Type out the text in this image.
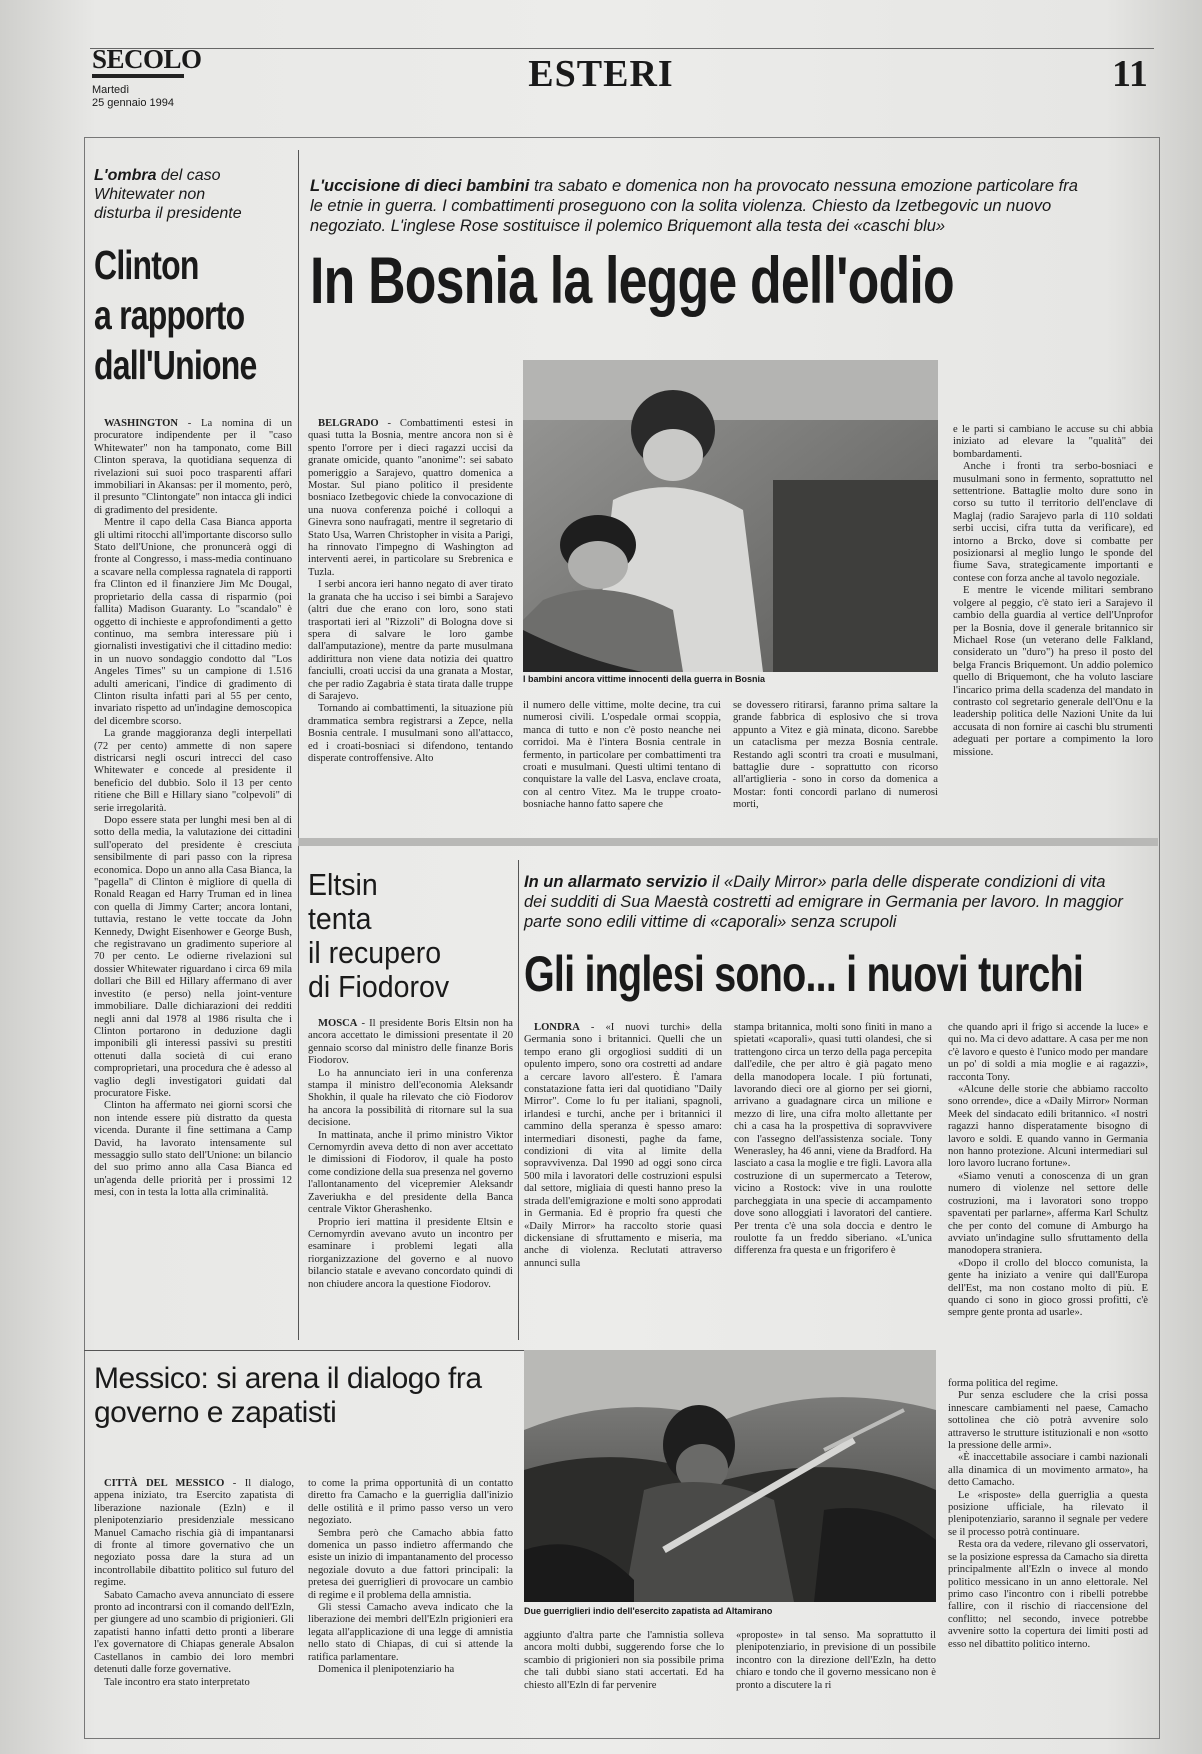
SECOLO
Martedì
25 gennaio 1994
ESTERI	11
L'ombra del caso Whitewater non disturba il presidente
Clinton
a rapporto
dall'Unione

WASHINGTON - La nomina di un procuratore indipendente per il "caso Whitewater" non ha tamponato, come Bill Clinton sperava, la quotidiana sequenza di rivelazioni sui suoi poco trasparenti affari immobiliari in Akansas: per il momento, però, il presunto "Clintongate" non intacca gli indici di gradimento del presidente.

Mentre il capo della Casa Bianca apporta gli ultimi ritocchi all'importante discorso sullo Stato dell'Unione, che pronuncerà oggi di fronte al Congresso, i mass-media continuano a scavare nella complessa ragnatela di rapporti fra Clinton ed il finanziere Jim Mc Dougal, proprietario della cassa di risparmio (poi fallita) Madison Guaranty. Lo "scandalo" è oggetto di inchieste e approfondimenti a getto continuo, ma sembra interessare più i giornalisti investigativi che il cittadino medio: in un nuovo sondaggio condotto dal "Los Angeles Times" su un campione di 1.516 adulti americani, l'indice di gradimento di Clinton risulta infatti pari al 55 per cento, invariato rispetto ad un'indagine demoscopica del dicembre scorso.

La grande maggioranza degli interpellati (72 per cento) ammette di non sapere districarsi negli oscuri intrecci del caso Whitewater e concede al presidente il beneficio del dubbio. Solo il 13 per cento ritiene che Bill e Hillary siano "colpevoli" di serie irregolarità.

Dopo essere stata per lunghi mesi ben al di sotto della media, la valutazione dei cittadini sull'operato del presidente è cresciuta sensibilmente di pari passo con la ripresa economica. Dopo un anno alla Casa Bianca, la "pagella" di Clinton è migliore di quella di Ronald Reagan ed Harry Truman ed in linea con quella di Jimmy Carter; ancora lontani, tuttavia, restano le vette toccate da John Kennedy, Dwight Eisenhower e George Bush, che registravano un gradimento superiore al 70 per cento. Le odierne rivelazioni sul dossier Whitewater riguardano i circa 69 mila dollari che Bill ed Hillary affermano di aver investito (e perso) nella joint-venture immobiliare. Dalle dichiarazioni dei redditi negli anni dal 1978 al 1986 risulta che i Clinton portarono in deduzione dagli imponibili gli interessi passivi su prestiti ottenuti dalla società di cui erano comproprietari, una procedura che è adesso al vaglio degli investigatori guidati dal procuratore Fiske.

Clinton ha affermato nei giorni scorsi che non intende essere più distratto da questa vicenda. Durante il fine settimana a Camp David, ha lavorato intensamente sul messaggio sullo stato dell'Unione: un bilancio del suo primo anno alla Casa Bianca ed un'agenda delle priorità per i prossimi 12 mesi, con in testa la lotta alla criminalità.

L'uccisione di dieci bambini tra sabato e domenica non ha provocato nessuna emozione particolare fra le etnie in guerra. I combattimenti proseguono con la solita violenza. Chiesto da Izetbegovic un nuovo negoziato. L'inglese Rose sostituisce il polemico Briquemont alla testa dei «caschi blu»
In Bosnia la legge dell'odio

BELGRADO - Combattimenti estesi in quasi tutta la Bosnia, mentre ancora non si è spento l'orrore per i dieci ragazzi uccisi da granate omicide, quanto "anonime": sei sabato pomeriggio a Sarajevo, quattro domenica a Mostar. Sul piano politico il presidente bosniaco Izetbegovic chiede la convocazione di una nuova conferenza poiché i colloqui a Ginevra sono naufragati, mentre il segretario di Stato Usa, Warren Christopher in visita a Parigi, ha rinnovato l'impegno di Washington ad interventi aerei, in particolare su Srebrenica e Tuzla.

I serbi ancora ieri hanno negato di aver tirato la granata che ha ucciso i sei bimbi a Sarajevo (altri due che erano con loro, sono stati trasportati ieri al "Rizzoli" di Bologna dove si spera di salvare le loro gambe dall'amputazione), mentre da parte musulmana addirittura non viene data notizia dei quattro fanciulli, croati uccisi da una granata a Mostar, che per radio Zagabria è stata tirata dalle truppe di Sarajevo.

Tornando ai combattimenti, la situazione più drammatica sembra registrarsi a Zepce, nella Bosnia centrale. I musulmani sono all'attacco, ed i croati-bosniaci si difendono, tentando disperate controffensive. Alto

I bambini ancora vittime innocenti della guerra in Bosnia

il numero delle vittime, molte decine, tra cui numerosi civili. L'ospedale ormai scoppia, manca di tutto e non c'è posto neanche nei corridoi. Ma è l'intera Bosnia centrale in fermento, in particolare per combattimenti tra croati e musulmani. Questi ultimi tentano di conquistare la valle del Lasva, enclave croata, con al centro Vitez. Ma le truppe croato-bosniache hanno fatto sapere che

se dovessero ritirarsi, faranno prima saltare la grande fabbrica di esplosivo che si trova appunto a Vitez e già minata, dicono. Sarebbe un cataclisma per mezza Bosnia centrale. Restando agli scontri tra croati e musulmani, battaglie dure - soprattutto con ricorso all'artiglieria - sono in corso da domenica a Mostar: fonti concordi parlano di numerosi morti,

e le parti si cambiano le accuse su chi abbia iniziato ad elevare la "qualità" dei bombardamenti.

Anche i fronti tra serbo-bosniaci e musulmani sono in fermento, soprattutto nel settentrione. Battaglie molto dure sono in corso su tutto il territorio dell'enclave di Maglaj (radio Sarajevo parla di 110 soldati serbi uccisi, cifra tutta da verificare), ed intorno a Brcko, dove si combatte per posizionarsi al meglio lungo le sponde del fiume Sava, strategicamente importanti e contese con forza anche al tavolo negoziale.

E mentre le vicende militari sembrano volgere al peggio, c'è stato ieri a Sarajevo il cambio della guardia al vertice dell'Unprofor per la Bosnia, dove il generale britannico sir Michael Rose (un veterano delle Falkland, considerato un "duro") ha preso il posto del belga Francis Briquemont. Un addio polemico quello di Briquemont, che ha voluto lasciare l'incarico prima della scadenza del mandato in contrasto col segretario generale dell'Onu e la leadership politica delle Nazioni Unite da lui accusata di non fornire ai caschi blu strumenti adeguati per portare a compimento la loro missione.

Eltsin
tenta
il recupero
di Fiodorov

MOSCA - Il presidente Boris Eltsin non ha ancora accettato le dimissioni presentate il 20 gennaio scorso dal ministro delle finanze Boris Fiodorov.

Lo ha annunciato ieri in una conferenza stampa il ministro dell'economia Aleksandr Shokhin, il quale ha rilevato che ciò Fiodorov ha ancora la possibilità di ritornare sul la sua decisione.

In mattinata, anche il primo ministro Viktor Cernomyrdin aveva detto di non aver accettato le dimissioni di Fiodorov, il quale ha posto come condizione della sua presenza nel governo l'allontanamento del vicepremier Aleksandr Zaveriukha e del presidente della Banca centrale Viktor Gherashenko.

Proprio ieri mattina il presidente Eltsin e Cernomyrdin avevano avuto un incontro per esaminare i problemi legati alla riorganizzazione del governo e al nuovo bilancio statale e avevano concordato quindi di non chiudere ancora la questione Fiodorov.

In un allarmato servizio il «Daily Mirror» parla delle disperate condizioni di vita dei sudditi di Sua Maestà costretti ad emigrare in Germania per lavoro. In maggior parte sono edili vittime di «caporali» senza scrupoli
Gli inglesi sono... i nuovi turchi

LONDRA - «I nuovi turchi» della Germania sono i britannici. Quelli che un tempo erano gli orgogliosi sudditi di un opulento impero, sono ora costretti ad andare a cercare lavoro all'estero. È l'amara constatazione fatta ieri dal quotidiano "Daily Mirror". Come lo fu per italiani, spagnoli, irlandesi e turchi, anche per i britannici il cammino della speranza è spesso amaro: intermediari disonesti, paghe da fame, condizioni di vita al limite della sopravvivenza. Dal 1990 ad oggi sono circa 500 mila i lavoratori delle costruzioni espulsi dal settore, migliaia di questi hanno preso la strada dell'emigrazione e molti sono approdati in Germania. Ed è proprio fra questi che «Daily Mirror» ha raccolto storie quasi dickensiane di sfruttamento e miseria, ma anche di violenza. Reclutati attraverso annunci sulla

stampa britannica, molti sono finiti in mano a spietati «caporali», quasi tutti olandesi, che si trattengono circa un terzo della paga percepita dall'edile, che per altro è già pagato meno della manodopera locale. I più fortunati, lavorando dieci ore al giorno per sei giorni, arrivano a guadagnare circa un milione e mezzo di lire, una cifra molto allettante per chi a casa ha la prospettiva di sopravvivere con l'assegno dell'assistenza sociale. Tony Wenerasley, ha 46 anni, viene da Bradford. Ha lasciato a casa la moglie e tre figli. Lavora alla costruzione di un supermercato a Teterow, vicino a Rostock: vive in una roulotte parcheggiata in una specie di accampamento dove sono alloggiati i lavoratori del cantiere. Per trenta c'è una sola doccia e dentro le roulotte fa un freddo siberiano. «L'unica differenza fra questa e un frigorifero è

che quando apri il frigo si accende la luce» e qui no. Ma ci devo adattare. A casa per me non c'è lavoro e questo è l'unico modo per mandare un po' di soldi a mia moglie e ai ragazzi», racconta Tony.

«Alcune delle storie che abbiamo raccolto sono orrende», dice a «Daily Mirror» Norman Meek del sindacato edili britannico. «I nostri ragazzi hanno disperatamente bisogno di lavoro e soldi. E quando vanno in Germania non hanno protezione. Alcuni intermediari sul loro lavoro lucrano fortune».

«Siamo venuti a conoscenza di un gran numero di violenze nel settore delle costruzioni, ma i lavoratori sono troppo spaventati per parlarne», afferma Karl Schultz che per conto del comune di Amburgo ha avviato un'indagine sullo sfruttamento della manodopera straniera.

«Dopo il crollo del blocco comunista, la gente ha iniziato a venire qui dall'Europa dell'Est, ma non costano molto di più. E quando ci sono in gioco grossi profitti, c'è sempre gente pronta ad usarle».

Messico: si arena il dialogo fra governo e zapatisti

CITTÀ DEL MESSICO - Il dialogo, appena iniziato, tra Esercito zapatista di liberazione nazionale (Ezln) e il plenipotenziario presidenziale messicano Manuel Camacho rischia già di impantanarsi di fronte al timore governativo che un negoziato possa dare la stura ad un incontrollabile dibattito politico sul futuro del regime.

Sabato Camacho aveva annunciato di essere pronto ad incontrarsi con il comando dell'Ezln, per giungere ad uno scambio di prigionieri. Gli zapatisti hanno infatti detto pronti a liberare l'ex governatore di Chiapas generale Absalon Castellanos in cambio dei loro membri detenuti dalle forze governative.

Tale incontro era stato interpretato

to come la prima opportunità di un contatto diretto fra Camacho e la guerriglia dall'inizio delle ostilità e il primo passo verso un vero negoziato.

Sembra però che Camacho abbia fatto domenica un passo indietro affermando che esiste un inizio di impantanamento del processo negoziale dovuto a due fattori principali: la pretesa dei guerriglieri di provocare un cambio di regime e il problema della amnistia.

Gli stessi Camacho aveva indicato che la liberazione dei membri dell'Ezln prigionieri era legata all'applicazione di una legge di amnistia nello stato di Chiapas, di cui si attende la ratifica parlamentare.

Domenica il plenipotenziario ha

Due guerriglieri indio dell'esercito zapatista ad Altamirano

aggiunto d'altra parte che l'amnistia solleva ancora molti dubbi, suggerendo forse che lo scambio di prigionieri non sia possibile prima che tali dubbi siano stati accertati. Ed ha chiesto all'Ezln di far pervenire

«proposte» in tal senso. Ma soprattutto il plenipotenziario, in previsione di un possibile incontro con la direzione dell'Ezln, ha detto chiaro e tondo che il governo messicano non è pronto a discutere la ri

forma politica del regime.

Pur senza escludere che la crisi possa innescare cambiamenti nel paese, Camacho sottolinea che ciò potrà avvenire solo attraverso le strutture istituzionali e non «sotto la pressione delle armi».

«È inaccettabile associare i cambi nazionali alla dinamica di un movimento armato», ha detto Camacho.

Le «risposte» della guerriglia a questa posizione ufficiale, ha rilevato il plenipotenziario, saranno il segnale per vedere se il processo potrà continuare.

Resta ora da vedere, rilevano gli osservatori, se la posizione espressa da Camacho sia diretta principalmente all'Ezln o invece al mondo politico messicano in un anno elettorale. Nel primo caso l'incontro con i ribelli potrebbe fallire, con il rischio di riaccensione del conflitto; nel secondo, invece potrebbe avvenire sotto la copertura dei limiti posti ad esso nel dibattito politico interno.
